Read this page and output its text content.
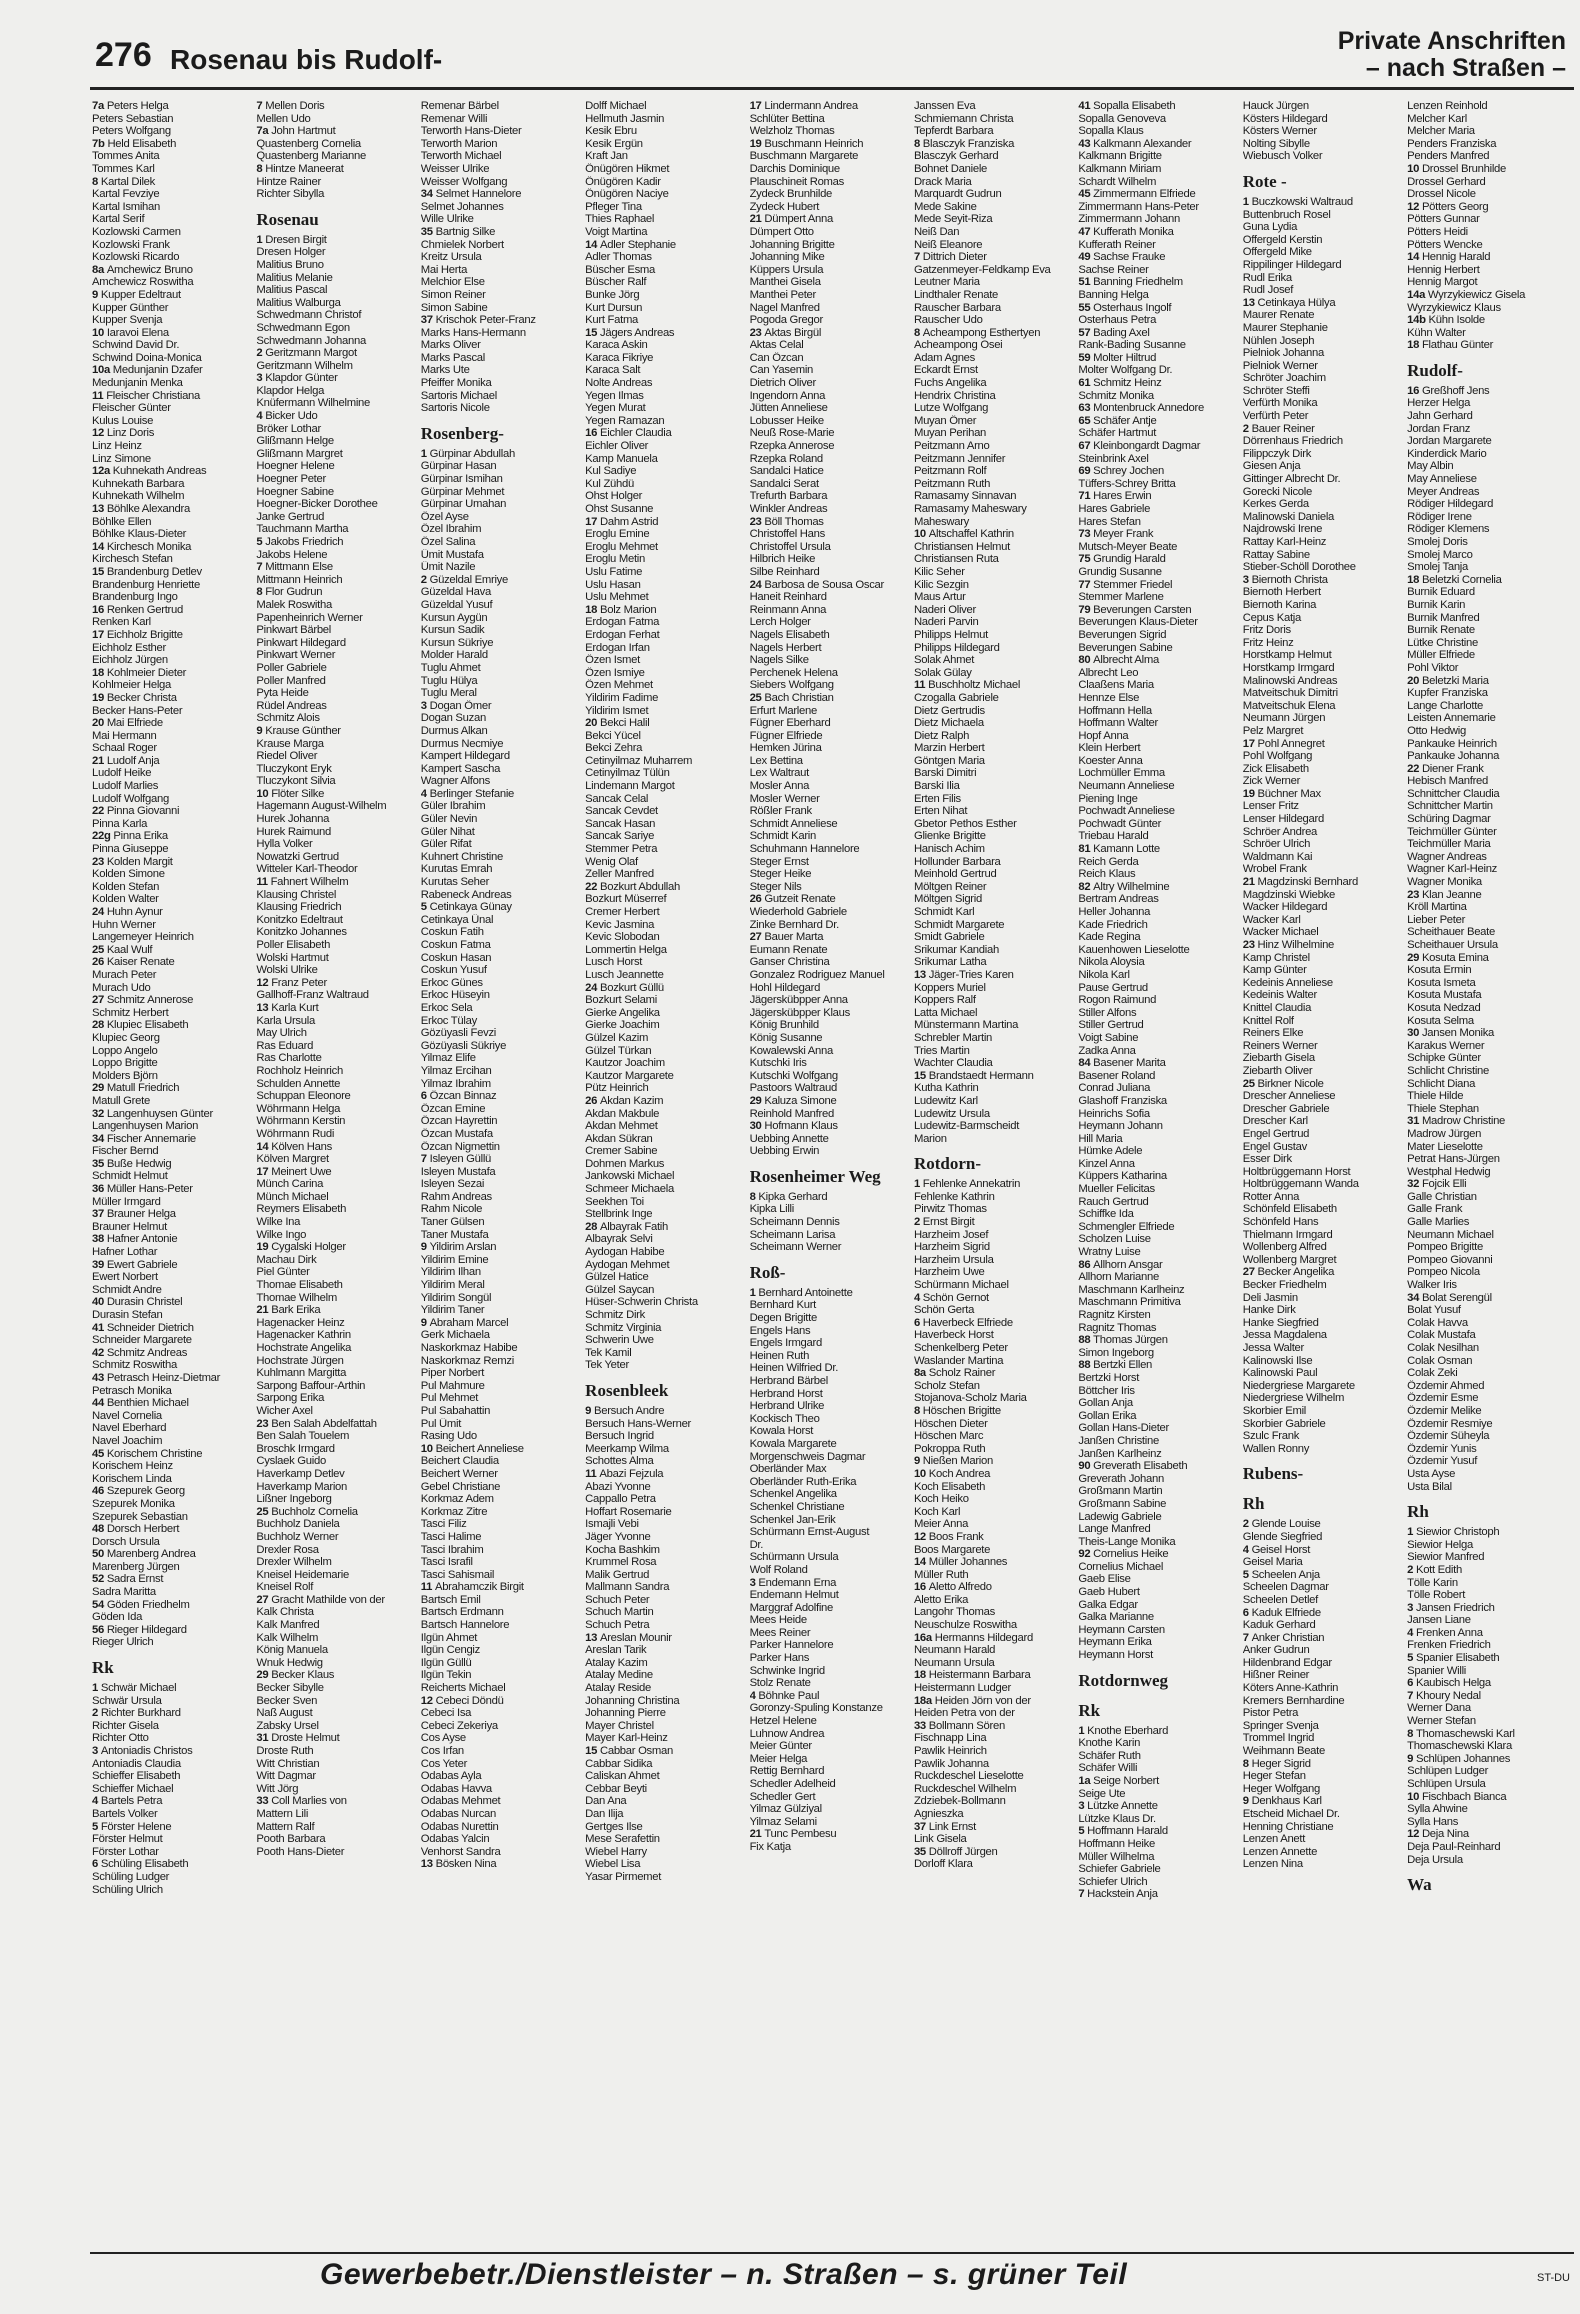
276 Rosenau bis Rudolf-
Private Anschriften
– nach Straßen –
7a Peters Helga
Peters Sebastian
Peters Wolfgang
7b Held Elisabeth
Tommes Anita
Tommes Karl
8 Kartal Dilek
Kartal Fevziye
Kartal Ismihan
Kartal Serif
Kozlowski Carmen
Kozlowski Frank
Kozlowski Ricardo
8a Amchewicz Bruno
Amchewicz Roswitha
9 Kupper Edeltraut
Kupper Günther
Kupper Svenja
10 Iaravoi Elena
Schwind David Dr.
Schwind Doina-Monica
10a Medunjanin Dzafer
Medunjanin Menka
11 Fleischer Christiana
Fleischer Günter
Kulus Louise
12 Linz Doris
Linz Heinz
Linz Simone
12a Kuhnekath Andreas
Kuhnekath Barbara
Kuhnekath Wilhelm
13 Böhlke Alexandra
Böhlke Ellen
Böhlke Klaus-Dieter
14 Kirchesch Monika
Kirchesch Stefan
15 Brandenburg Detlev
Brandenburg Henriette
Brandenburg Ingo
16 Renken Gertrud
Renken Karl
17 Eichholz Brigitte
Eichholz Esther
Eichholz Jürgen
18 Kohlmeier Dieter
Kohlmeier Helga
19 Becker Christa
Becker Hans-Peter
20 Mai Elfriede
Mai Hermann
Schaal Roger
21 Ludolf Anja
Ludolf Heike
Ludolf Marlies
Ludolf Wolfgang
22 Pinna Giovanni
Pinna Karla
22g Pinna Erika
Pinna Giuseppe
23 Kolden Margit
Kolden Simone
Kolden Stefan
Kolden Walter
24 Huhn Aynur
Huhn Werner
Langemeyer Heinrich
25 Kaal Wulf
26 Kaiser Renate
Murach Peter
Murach Udo
27 Schmitz Annerose
Schmitz Herbert
28 Klupiec Elisabeth
Klupiec Georg
Loppo Angelo
Loppo Brigitte
Molders Björn
29 Matull Friedrich
Matull Grete
32 Langenhuysen Günter
Langenhuysen Marion
34 Fischer Annemarie
Fischer Bernd
35 Buße Hedwig
Schmidt Helmut
36 Müller Hans-Peter
Müller Irmgard
37 Brauner Helga
Brauner Helmut
38 Hafner Antonie
Hafner Lothar
39 Ewert Gabriele
Ewert Norbert
Schmidt Andre
40 Durasin Christel
Durasin Stefan
41 Schneider Dietrich
Schneider Margarete
42 Schmitz Andreas
Schmitz Roswitha
43 Petrasch Heinz-Dietmar
Petrasch Monika
44 Benthien Michael
Navel Cornelia
Navel Eberhard
Navel Joachim
45 Korischem Christine
Korischem Heinz
Korischem Linda
46 Szepurek Georg
Szepurek Monika
Szepurek Sebastian
48 Dorsch Herbert
Dorsch Ursula
50 Marenberg Andrea
Marenberg Jürgen
52 Sadra Ernst
Sadra Maritta
54 Göden Friedhelm
Göden Ida
56 Rieger Hildegard
Rieger Ulrich
Rk
1 Schwär Michael
Schwär Ursula
2 Richter Burkhard
Richter Gisela
Richter Otto
3 Antoniadis Christos
Antoniadis Claudia
Schieffer Elisabeth
Schieffer Michael
4 Bartels Petra
Bartels Volker
5 Förster Helene
Förster Helmut
Förster Lothar
6 Schüling Elisabeth
Schüling Ludger
Schüling Ulrich
7 Mellen Doris
Mellen Udo
7a John Hartmut
Quastenberg Cornelia
Quastenberg Marianne
8 Hintze Maneerat
Hintze Rainer
Richter Sibylla
Rosenau
1 Dresen Birgit
Dresen Holger
Malitius Bruno
Malitius Melanie
Malitius Pascal
Malitius Walburga
Schwedmann Christof
Schwedmann Egon
Schwedmann Johanna
2 Geritzmann Margot
Geritzmann Wilhelm
3 Klapdor Günter
Klapdor Helga
Knüfermann Wilhelmine
4 Bicker Udo
Bröker Lothar
Glißmann Helge
Glißmann Margret
Hoegner Helene
Hoegner Peter
Hoegner Sabine
Hoegner-Bicker Dorothee
Janke Gertrud
Tauchmann Martha
5 Jakobs Friedrich
Jakobs Helene
7 Mittmann Else
Mittmann Heinrich
8 Flor Gudrun
Malek Roswitha
Papenheinrich Werner
Pinkwart Bärbel
Pinkwart Hildegard
Pinkwart Werner
Poller Gabriele
Poller Manfred
Pyta Heide
Rüdel Andreas
Schmitz Alois
9 Krause Günther
Krause Marga
Riedel Oliver
Tluczykont Eryk
Tluczykont Silvia
10 Flöter Silke
Hagemann August-Wilhelm
Hurek Johanna
Hurek Raimund
Hylla Volker
Nowatzki Gertrud
Witteler Karl-Theodor
11 Fahnert Wilhelm
Klausing Christel
Klausing Friedrich
Konitzko Edeltraut
Konitzko Johannes
Poller Elisabeth
Wolski Hartmut
Wolski Ulrike
12 Franz Peter
Gallhoff-Franz Waltraud
13 Karla Kurt
Karla Ursula
May Ulrich
Ras Eduard
Ras Charlotte
Rochholz Heinrich
Schulden Annette
Schuppan Eleonore
Wöhrmann Helga
Wöhrmann Kerstin
Wöhrmann Rudi
14 Kölven Hans
Kölven Margret
17 Meinert Uwe
Münch Carina
Münch Michael
Reymers Elisabeth
Wilke Ina
Wilke Ingo
19 Cygalski Holger
Machau Dirk
Piel Günter
Thomae Elisabeth
Thomae Wilhelm
21 Bark Erika
Hagenacker Heinz
Hagenacker Kathrin
Hochstrate Angelika
Hochstrate Jürgen
Kuhlmann Margitta
Sarpong Baffour-Arthin
Sarpong Erika
Wicher Axel
23 Ben Salah Abdelfattah
Ben Salah Touelem
Broschk Irmgard
Cyslaek Guido
Haverkamp Detlev
Haverkamp Marion
Lißner Ingeborg
25 Buchholz Cornelia
Buchholz Daniela
Buchholz Werner
Drexler Rosa
Drexler Wilhelm
Kneisel Heidemarie
Kneisel Rolf
27 Gracht Mathilde von der
Kalk Christa
Kalk Manfred
Kalk Wilhelm
König Manuela
Wnuk Hedwig
29 Becker Klaus
Becker Sibylle
Becker Sven
Naß August
Zabsky Ursel
31 Droste Helmut
Droste Ruth
Witt Christian
Witt Dagmar
Witt Jörg
33 Coll Marlies von
Mattern Lili
Mattern Ralf
Pooth Barbara
Pooth Hans-Dieter
Remenar Bärbel
Remenar Willi
Terworth Hans-Dieter
Terworth Marion
Terworth Michael
Weisser Ulrike
Weisser Wolfgang
34 Selmet Hannelore
Selmet Johannes
Wille Ulrike
35 Bartnig Silke
Chmielek Norbert
Kreitz Ursula
Mai Herta
Melchior Else
Simon Reiner
Simon Sabine
37 Krischok Peter-Franz
Marks Hans-Hermann
Marks Oliver
Marks Pascal
Marks Ute
Pfeiffer Monika
Sartoris Michael
Sartoris Nicole
Rosenberg-
1 Gürpinar Abdullah
Gürpinar Hasan
Gürpinar Ismihan
Gürpinar Mehmet
Gürpinar Umahan
Özel Ayse
Özel Ibrahim
Özel Salina
Ümit Mustafa
Ümit Nazile
2 Güzeldal Emriye
Güzeldal Hava
Güzeldal Yusuf
Kursun Aygün
Kursun Sadik
Kursun Sükriye
Molder Harald
Tuglu Ahmet
Tuglu Hülya
Tuglu Meral
3 Dogan Ömer
Dogan Suzan
Durmus Alkan
Durmus Necmiye
Kampert Hildegard
Kampert Sascha
Wagner Alfons
4 Berlinger Stefanie
Güler Ibrahim
Güler Nevin
Güler Nihat
Güler Rifat
Kuhnert Christine
Kurutas Emrah
Kurutas Seher
Rabeneck Andreas
5 Cetinkaya Günay
Cetinkaya Ünal
Coskun Fatih
Coskun Fatma
Coskun Hasan
Coskun Yusuf
Erkoc Günes
Erkoc Hüseyin
Erkoc Sela
Erkoc Tülay
Gözüyasli Fevzi
Gözüyasli Sükriye
Yilmaz Elife
Yilmaz Ercihan
Yilmaz Ibrahim
6 Özcan Binnaz
Özcan Emine
Özcan Hayrettin
Özcan Mustafa
Özcan Nigmettin
7 Isleyen Güllü
Isleyen Mustafa
Isleyen Sezai
Rahm Andreas
Rahm Nicole
Taner Gülsen
Taner Mustafa
9 Yildirim Arslan
Yildirim Emine
Yildirim Ilhan
Yildirim Meral
Yildirim Songül
Yildirim Taner
9 Abraham Marcel
Gerk Michaela
Naskorkmaz Habibe
Naskorkmaz Remzi
Piper Norbert
Pul Mahmure
Pul Mehmet
Pul Sabahattin
Pul Ümit
Rasing Udo
10 Beichert Anneliese
Beichert Claudia
Beichert Werner
Gebel Christiane
Korkmaz Adem
Korkmaz Zitre
Tasci Filiz
Tasci Halime
Tasci Ibrahim
Tasci Israfil
Tasci Sahismail
11 Abrahamczik Birgit
Bartsch Emil
Bartsch Erdmann
Bartsch Hannelore
Ilgün Ahmet
Ilgün Cengiz
Ilgün Güllü
Ilgün Tekin
Reicherts Michael
12 Cebeci Döndü
Cebeci Isa
Cebeci Zekeriya
Cos Ayse
Cos Irfan
Cos Yeter
Odabas Ayla
Odabas Havva
Odabas Mehmet
Odabas Nurcan
Odabas Nurettin
Odabas Yalcin
Venhorst Sandra
13 Bösken Nina
Dolff Michael
Hellmuth Jasmin
Kesik Ebru
Kesik Ergün
Kraft Jan
Önügören Hikmet
Önügören Kadir
Önügören Naciye
Pfleger Tina
Thies Raphael
Voigt Martina
14 Adler Stephanie
Adler Thomas
Büscher Esma
Büscher Ralf
Bunke Jörg
Kurt Dursun
Kurt Fatma
15 Jägers Andreas
Karaca Askin
Karaca Fikriye
Karaca Salt
Nolte Andreas
Yegen Ilmas
Yegen Murat
Yegen Ramazan
16 Eichler Claudia
Eichler Oliver
Kamp Manuela
Kul Sadiye
Kul Zühdü
Ohst Holger
Ohst Susanne
17 Dahm Astrid
Eroglu Emine
Eroglu Mehmet
Eroglu Metin
Uslu Fatime
Uslu Hasan
Uslu Mehmet
18 Bolz Marion
Erdogan Fatma
Erdogan Ferhat
Erdogan Irfan
Özen Ismet
Özen Ismiye
Özen Mehmet
Yildirim Fadime
Yildirim Ismet
20 Bekci Halil
Bekci Yücel
Bekci Zehra
Cetinyilmaz Muharrem
Cetinyilmaz Tülün
Lindemann Margot
Sancak Celal
Sancak Cevdet
Sancak Hasan
Sancak Sariye
Stemmer Petra
Wenig Olaf
Zeller Manfred
22 Bozkurt Abdullah
Bozkurt Müserref
Cremer Herbert
Kevic Jasmina
Kevic Slobodan
Lommertin Helga
Lusch Horst
Lusch Jeannette
24 Bozkurt Güllü
Bozkurt Selami
Gierke Angelika
Gierke Joachim
Gülzel Kazim
Gülzel Türkan
Kautzor Joachim
Kautzor Margarete
Pütz Heinrich
26 Akdan Kazim
Akdan Makbule
Akdan Mehmet
Akdan Sükran
Cremer Sabine
Dohmen Markus
Jankowski Michael
Schmeer Michaela
Seekhen Toi
Stellbrink Inge
28 Albayrak Fatih
Albayrak Selvi
Aydogan Habibe
Aydogan Mehmet
Gülzel Hatice
Gülzel Saycan
Hüser-Schwerin Christa
Schmitz Dirk
Schmitz Virginia
Schwerin Uwe
Tek Kamil
Tek Yeter
Rosenbleek
9 Bersuch Andre
Bersuch Hans-Werner
Bersuch Ingrid
Meerkamp Wilma
Schottes Alma
11 Abazi Fejzula
Abazi Yvonne
Cappallo Petra
Hoffart Rosemarie
Ismajli Vebi
Jäger Yvonne
Kocha Bashkim
Krummel Rosa
Malik Gertrud
Mallmann Sandra
Schuch Peter
Schuch Martin
Schuch Petra
13 Areslan Mounir
Areslan Tarik
Atalay Kazim
Atalay Medine
Atalay Reside
Johanning Christina
Johanning Pierre
Mayer Christel
Mayer Karl-Heinz
15 Cabbar Osman
Cabbar Sidika
Caliskan Ahmet
Cebbar Beyti
Dan Ana
Dan Ilija
Gertges Ilse
Mese Serafettin
Wiebel Harry
Wiebel Lisa
Yasar Pirmemet
17 Lindermann Andrea
Schlüter Bettina
Welzholz Thomas
19 Buschmann Heinrich
Buschmann Margarete
Darchis Dominique
Plauschineit Romas
Zydeck Brunhilde
Zydeck Hubert
21 Dümpert Anna
Dümpert Otto
Johanning Brigitte
Johanning Mike
Küppers Ursula
Manthei Gisela
Manthei Peter
Nagel Manfred
Pogoda Gregor
23 Aktas Birgül
Aktas Celal
Can Özcan
Can Yasemin
Dietrich Oliver
Ingendorn Anna
Jütten Anneliese
Lobusser Heike
Neuß Rose-Marie
Rzepka Annerose
Rzepka Roland
Sandalci Hatice
Sandalci Serat
Trefurth Barbara
Winkler Andreas
23 Böll Thomas
Christoffel Hans
Christoffel Ursula
Hilbrich Heike
Silbe Reinhard
24 Barbosa de Sousa Oscar
Haneit Reinhard
Reinmann Anna
Lerch Holger
Nagels Elisabeth
Nagels Herbert
Nagels Silke
Perchenek Helena
Siebers Wolfgang
25 Bach Christian
Erfurt Marlene
Fügner Eberhard
Fügner Elfriede
Hemken Jürina
Lex Bettina
Lex Waltraut
Mosler Anna
Mosler Werner
Rößler Frank
Schmidt Anneliese
Schmidt Karin
Schuhmann Hannelore
Steger Ernst
Steger Heike
Steger Nils
26 Gutzeit Renate
Wiederhold Gabriele
Zinke Bernhard Dr.
27 Bauer Marta
Eumann Renate
Ganser Christina
Gonzalez Rodriguez Manuel
Hohl Hildegard
Jägerskübpper Anna
Jägerskübpper Klaus
König Brunhild
König Susanne
Kowalewski Anna
Kutschki Iris
Kutschki Wolfgang
Pastoors Waltraud
29 Kaluza Simone
Reinhold Manfred
30 Hofmann Klaus
Uebbing Annette
Uebbing Erwin
Rosenheimer Weg
8 Kipka Gerhard
Kipka Lilli
Scheimann Dennis
Scheimann Larisa
Scheimann Werner
Roß-
1 Bernhard Antoinette
Bernhard Kurt
Degen Brigitte
Engels Hans
Engels Irmgard
Heinen Ruth
Heinen Wilfried Dr.
Herbrand Bärbel
Herbrand Horst
Herbrand Ulrike
Kockisch Theo
Kowala Horst
Kowala Margarete
Morgenschweis Dagmar
Oberländer Max
Oberländer Ruth-Erika
Schenkel Angelika
Schenkel Christiane
Schenkel Jan-Erik
Schürmann Ernst-August
Dr.
Schürmann Ursula
Wolf Roland
3 Endemann Erna
Endemann Helmut
Marggraf Adolfine
Mees Heide
Mees Reiner
Parker Hannelore
Parker Hans
Schwinke Ingrid
Stolz Renate
4 Böhnke Paul
Goronzy-Spuling Konstanze
Hetzel Helene
Luhnow Andrea
Meier Günter
Meier Helga
Rettig Bernhard
Schedler Adelheid
Schedler Gert
Yilmaz Gülziyal
Yilmaz Selami
21 Tunc Pembesu
Fix Katja
Janssen Eva
Schmiemann Christa
Tepferdt Barbara
8 Blasczyk Franziska
Blasczyk Gerhard
Bohnet Daniele
Drack Maria
Marquardt Gudrun
Mede Sakine
Mede Seyit-Riza
Neiß Dan
Neiß Eleanore
7 Dittrich Dieter
Gatzenmeyer-Feldkamp Eva
Leutner Maria
Lindthaler Renate
Rauscher Barbara
Rauscher Udo
8 Acheampong Esthertyen
Acheampong Osei
Adam Agnes
Eckardt Ernst
Fuchs Angelika
Hendrix Christina
Lutze Wolfgang
Muyan Ömer
Muyan Perihan
Peitzmann Arno
Peitzmann Jennifer
Peitzmann Rolf
Peitzmann Ruth
Ramasamy Sinnavan
Ramasamy Maheswary
Maheswary
10 Altschaffel Kathrin
Christiansen Helmut
Christiansen Ruta
Kilic Seher
Kilic Sezgin
Maus Artur
Naderi Oliver
Naderi Parvin
Philipps Helmut
Philipps Hildegard
Solak Ahmet
Solak Gülay
11 Buschholtz Michael
Czogalla Gabriele
Dietz Gertrudis
Dietz Michaela
Dietz Ralph
Marzin Herbert
Göntgen Maria
Barski Dimitri
Barski Ilia
Erten Filis
Erten Nihat
Gbetor Pethos Esther
Glienke Brigitte
Hanisch Achim
Hollunder Barbara
Meinhold Gertrud
Möltgen Reiner
Möltgen Sigrid
Schmidt Karl
Schmidt Margarete
Smidt Gabriele
Srikumar Kandiah
Srikumar Latha
13 Jäger-Tries Karen
Koppers Muriel
Koppers Ralf
Latta Michael
Münstermann Martina
Schrebler Martin
Tries Martin
Wachter Claudia
15 Brandstaedt Hermann
Kutha Kathrin
Ludewitz Karl
Ludewitz Ursula
Ludewitz-Barmscheidt
Marion
Rotdorn-
1 Fehlenke Annekatrin
Fehlenke Kathrin
Pirwitz Thomas
2 Ernst Birgit
Harzheim Josef
Harzheim Sigrid
Harzheim Ursula
Harzheim Uwe
Schürmann Michael
4 Schön Gernot
Schön Gerta
6 Haverbeck Elfriede
Haverbeck Horst
Schenkelberg Peter
Waslander Martina
8a Scholz Rainer
Scholz Stefan
Stojanova-Scholz Maria
8 Höschen Brigitte
Höschen Dieter
Höschen Marc
Pokroppa Ruth
9 Nießen Marion
10 Koch Andrea
Koch Elisabeth
Koch Heiko
Koch Karl
Meier Anna
12 Boos Frank
Boos Margarete
14 Müller Johannes
Müller Ruth
16 Aletto Alfredo
Aletto Erika
Langohr Thomas
Neuschulze Roswitha
16a Hermanns Hildegard
Neumann Harald
Neumann Ursula
18 Heistermann Barbara
Heistermann Ludger
18a Heiden Jörn von der
Heiden Petra von der
33 Bollmann Sören
Fischnapp Lina
Pawlik Heinrich
Pawlik Johanna
Ruckdeschel Lieselotte
Ruckdeschel Wilhelm
Zdziebek-Bollmann
Agnieszka
37 Link Ernst
Link Gisela
35 Döllroff Jürgen
Dorloff Klara
41 Sopalla Elisabeth
Sopalla Genoveva
Sopalla Klaus
43 Kalkmann Alexander
Kalkmann Brigitte
Kalkmann Miriam
Schardt Wilhelm
45 Zimmermann Elfriede
Zimmermann Hans-Peter
Zimmermann Johann
47 Kufferath Monika
Kufferath Reiner
49 Sachse Frauke
Sachse Reiner
51 Banning Friedhelm
Banning Helga
55 Osterhaus Ingolf
Osterhaus Petra
57 Bading Axel
Rank-Bading Susanne
59 Molter Hiltrud
Molter Wolfgang Dr.
61 Schmitz Heinz
Schmitz Monika
63 Montenbruck Annedore
65 Schäfer Antje
Schäfer Hartmut
67 Kleinbongardt Dagmar
Steinbrink Axel
69 Schrey Jochen
Tüffers-Schrey Britta
71 Hares Erwin
Hares Gabriele
Hares Stefan
73 Meyer Frank
Mutsch-Meyer Beate
75 Grundig Harald
Grundig Susanne
77 Stemmer Friedel
Stemmer Marlene
79 Beverungen Carsten
Beverungen Klaus-Dieter
Beverungen Sigrid
Beverungen Sabine
80 Albrecht Alma
Albrecht Leo
Claaßens Maria
Hennze Else
Hoffmann Hella
Hoffmann Walter
Hopf Anna
Klein Herbert
Koester Anna
Lochmüller Emma
Neumann Anneliese
Piening Inge
Pochwadt Anneliese
Pochwadt Günter
Triebau Harald
81 Kamann Lotte
Reich Gerda
Reich Klaus
82 Altry Wilhelmine
Bertram Andreas
Heller Johanna
Kade Friedrich
Kade Regina
Kauenhowen Lieselotte
Nikola Aloysia
Nikola Karl
Pause Gertrud
Rogon Raimund
Stiller Alfons
Stiller Gertrud
Voigt Sabine
Zadka Anna
84 Basener Marita
Basener Roland
Conrad Juliana
Glashoff Franziska
Heinrichs Sofia
Heymann Johann
Hill Maria
Hümke Adele
Kinzel Anna
Küppers Katharina
Mueller Felicitas
Rauch Gertrud
Schiffke Ida
Schmengler Elfriede
Scholzen Luise
Wratny Luise
86 Allhorn Ansgar
Allhorn Marianne
Maschmann Karlheinz
Maschmann Primitiva
Ragnitz Kirsten
Ragnitz Thomas
88 Thomas Jürgen
Simon Ingeborg
88 Bertzki Ellen
Bertzki Horst
Böttcher Iris
Gollan Anja
Gollan Erika
Gollan Hans-Dieter
Janßen Christine
Janßen Karlheinz
90 Greverath Elisabeth
Greverath Johann
Großmann Martin
Großmann Sabine
Ladewig Gabriele
Lange Manfred
Theis-Lange Monika
92 Cornelius Heike
Cornelius Michael
Gaeb Elise
Gaeb Hubert
Galka Edgar
Galka Marianne
Heymann Carsten
Heymann Erika
Heymann Horst
Rotdornweg
Rk
1 Knothe Eberhard
Knothe Karin
Schäfer Ruth
Schäfer Willi
1a Seige Norbert
Seige Ute
3 Lützke Annette
Lützke Klaus Dr.
5 Hoffmann Harald
Hoffmann Heike
Müller Wilhelma
Schiefer Gabriele
Schiefer Ulrich
7 Hackstein Anja
Hauck Jürgen
Kösters Hildegard
Kösters Werner
Nolting Sibylle
Wiebusch Volker
Rote -
1 Buczkowski Waltraud
Buttenbruch Rosel
Guna Lydia
Offergeld Kerstin
Offergeld Mike
Rippilinger Hildegard
Rudl Erika
Rudl Josef
13 Cetinkaya Hülya
Maurer Renate
Maurer Stephanie
Nühlen Joseph
Pielniok Johanna
Pielniok Werner
Schröter Joachim
Schröter Steffi
Verfürth Monika
Verfürth Peter
2 Bauer Reiner
Dörrenhaus Friedrich
Filippczyk Dirk
Giesen Anja
Gittinger Albrecht Dr.
Gorecki Nicole
Kerkes Gerda
Malinowski Daniela
Najdrowski Irene
Rattay Karl-Heinz
Rattay Sabine
Stieber-Schöll Dorothee
3 Biernoth Christa
Biernoth Herbert
Biernoth Karina
Cepus Katja
Fritz Doris
Fritz Heinz
Horstkamp Helmut
Horstkamp Irmgard
Malinowski Andreas
Matveitschuk Dimitri
Matveitschuk Elena
Neumann Jürgen
Pelz Margret
17 Pohl Annegret
Pohl Wolfgang
Zick Elisabeth
Zick Werner
19 Büchner Max
Lenser Fritz
Lenser Hildegard
Schröer Andrea
Schröer Ulrich
Waldmann Kai
Wrobel Frank
21 Magdzinski Bernhard
Magdzinski Wiebke
Wacker Hildegard
Wacker Karl
Wacker Michael
23 Hinz Wilhelmine
Kamp Christel
Kamp Günter
Kedeinis Anneliese
Kedeinis Walter
Knittel Claudia
Knittel Rolf
Reiners Elke
Reiners Werner
Ziebarth Gisela
Ziebarth Oliver
25 Birkner Nicole
Drescher Anneliese
Drescher Gabriele
Drescher Karl
Engel Gertrud
Engel Gustav
Esser Dirk
Holtbrüggemann Horst
Holtbrüggemann Wanda
Rotter Anna
Schönfeld Elisabeth
Schönfeld Hans
Thielmann Irmgard
Wollenberg Alfred
Wollenberg Margret
27 Becker Angelika
Becker Friedhelm
Deli Jasmin
Hanke Dirk
Hanke Siegfried
Jessa Magdalena
Jessa Walter
Kalinowski Ilse
Kalinowski Paul
Niedergriese Margarete
Niedergriese Wilhelm
Skorbier Emil
Skorbier Gabriele
Szulc Frank
Wallen Ronny
Rubens-
Rh
2 Glende Louise
Glende Siegfried
4 Geisel Horst
Geisel Maria
5 Scheelen Anja
Scheelen Dagmar
Scheelen Detlef
6 Kaduk Elfriede
Kaduk Gerhard
7 Anker Christian
Anker Gudrun
Hildenbrand Edgar
Hißner Reiner
Köters Anne-Kathrin
Kremers Bernhardine
Pistor Petra
Springer Svenja
Trommel Ingrid
Weihmann Beate
8 Heger Sigrid
Heger Stefan
Heger Wolfgang
9 Denkhaus Karl
Etscheid Michael Dr.
Henning Christiane
Lenzen Anett
Lenzen Annette
Lenzen Nina
Lenzen Reinhold
Melcher Karl
Melcher Maria
Penders Franziska
Penders Manfred
10 Drossel Brunhilde
Drossel Gerhard
Drossel Nicole
12 Pötters Georg
Pötters Gunnar
Pötters Heidi
Pötters Wencke
14 Hennig Harald
Hennig Herbert
Hennig Margot
14a Wyrzykiewicz Gisela
Wyrzykiewicz Klaus
14b Kühn Isolde
Kühn Walter
18 Flathau Günter
Rudolf-
16 Greßhoff Jens
Herzer Helga
Jahn Gerhard
Jordan Franz
Jordan Margarete
Kinderdick Mario
May Albin
May Anneliese
Meyer Andreas
Rödiger Hildegard
Rödiger Irene
Rödiger Klemens
Smolej Doris
Smolej Marco
Smolej Tanja
18 Beletzki Cornelia
Burnik Eduard
Burnik Karin
Burnik Manfred
Burnik Renate
Lütke Christine
Müller Elfriede
Pohl Viktor
20 Beletzki Maria
Kupfer Franziska
Lange Charlotte
Leisten Annemarie
Otto Hedwig
Pankauke Heinrich
Pankauke Johanna
22 Diener Frank
Hebisch Manfred
Schnittcher Claudia
Schnittcher Martin
Schüring Dagmar
Teichmüller Günter
Teichmüller Maria
Wagner Andreas
Wagner Karl-Heinz
Wagner Monika
23 Klan Jeanne
Kröll Martina
Lieber Peter
Scheithauer Beate
Scheithauer Ursula
29 Kosuta Emina
Kosuta Ermin
Kosuta Ismeta
Kosuta Mustafa
Kosuta Nedzad
Kosuta Selma
30 Jansen Monika
Karakus Werner
Schipke Günter
Schlicht Christine
Schlicht Diana
Thiele Hilde
Thiele Stephan
31 Madrow Christine
Madrow Jürgen
Mater Lieselotte
Petrat Hans-Jürgen
Westphal Hedwig
32 Fojcik Elli
Galle Christian
Galle Frank
Galle Marlies
Neumann Michael
Pompeo Brigitte
Pompeo Giovanni
Pompeo Nicola
Walker Iris
34 Bolat Serengül
Bolat Yusuf
Colak Havva
Colak Mustafa
Colak Nesilhan
Colak Osman
Colak Zeki
Özdemir Ahmed
Özdemir Esme
Özdemir Melike
Özdemir Resmiye
Özdemir Süheyla
Özdemir Yunis
Özdemir Yusuf
Usta Ayse
Usta Bilal
Rh
1 Siewior Christoph
Siewior Helga
Siewior Manfred
2 Kott Edith
Tölle Karin
Tölle Robert
3 Jansen Friedrich
Jansen Liane
4 Frenken Anna
Frenken Friedrich
5 Spanier Elisabeth
Spanier Willi
6 Kaubisch Helga
7 Khoury Nedal
Werner Dana
Werner Stefan
8 Thomaschewski Karl
Thomaschewski Klara
9 Schlüpen Johannes
Schlüpen Ludger
Schlüpen Ursula
10 Fischbach Bianca
Sylla Ahwine
Sylla Hans
12 Deja Nina
Deja Paul-Reinhard
Deja Ursula
Wa
Gewerbebetr./Dienstleister – n. Straßen – s. grüner Teil	ST-DU
